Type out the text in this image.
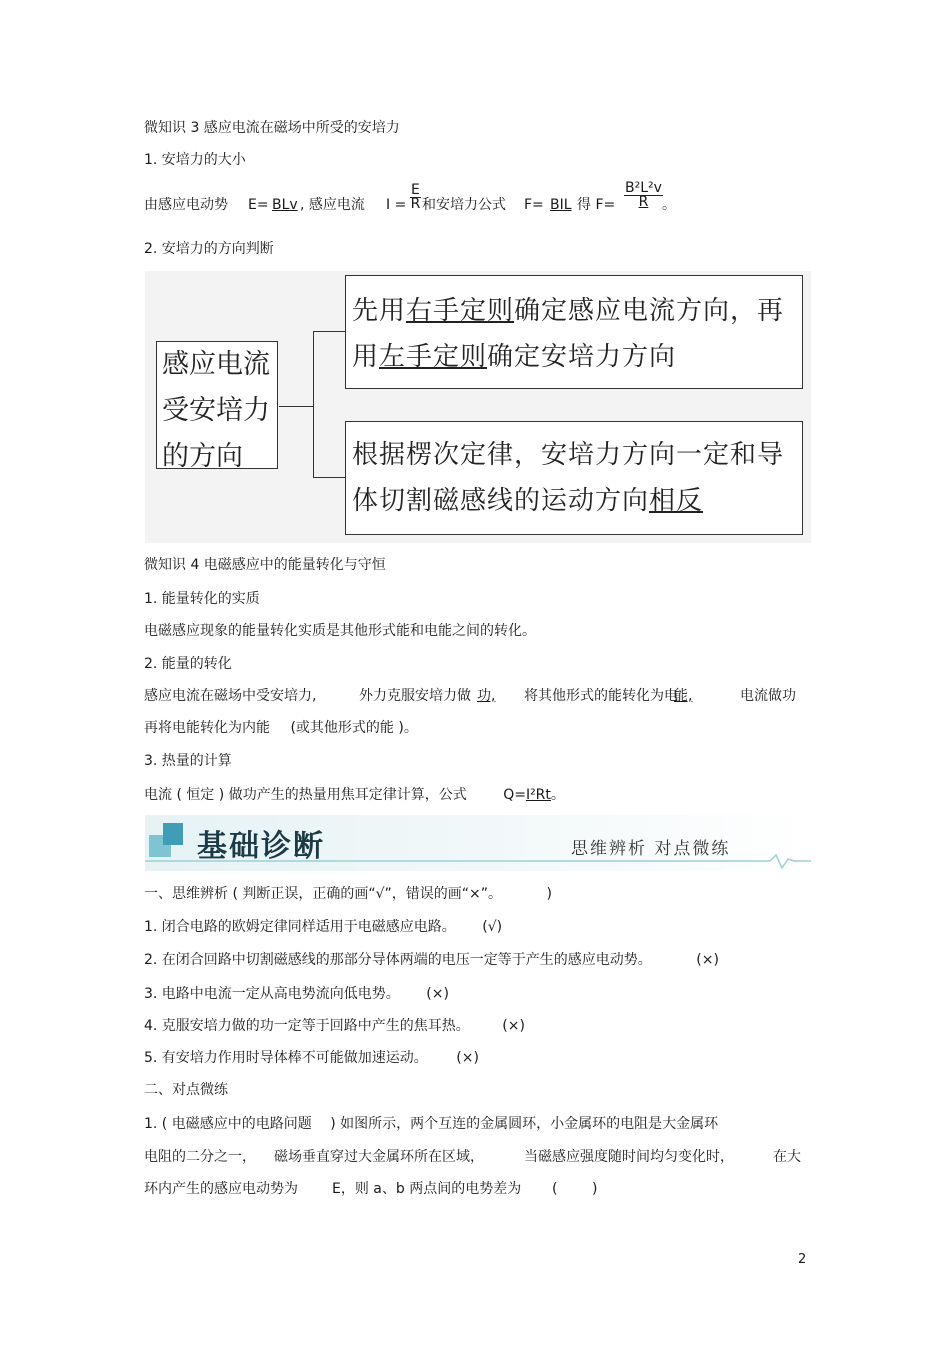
微知识 3 感应电流在磁场中所受的安培力
1. 安培力的大小
由感应电动势 E= BLv , 感应电流 $I = \frac{E}{R}$ 和安培力公式 F= BIL 得 $F= \frac{\text{B²L²v}}{R}$ 。
2. 安培力的方向判断
感应电流
受安培力
的方向
先用右手定则确定感应电流方向，再
用左手定则确定安培力方向
根据楞次定律，安培力方向一定和导
体切割磁感线的运动方向相反
微知识 4 电磁感应中的能量转化与守恒
1. 能量转化的实质
电磁感应现象的能量转化实质是其他形式能和电能之间的转化。
2. 能量的转化
感应电流在磁场中受安培力,	外力克服安培力做 功, 将其他形式的能转化为电
能,	电流做功
再将电能转化为内能 (或其他形式的能 )。
3. 热量的计算
电流 ( 恒定 ) 做功产生的热量用焦耳定律计算，公式	Q=I²Rt。
基础诊断	思维辨析 对点微练
一、思维辨析 ( 判断正误，正确的画“√”，错误的画“×”。	)
1. 闭合电路的欧姆定律同样适用于电磁感应电路。 (√)
2. 在闭合回路中切割磁感线的那部分导体两端的电压一定等于产生的感应电动势。	(×)
3. 电路中电流一定从高电势流向低电势。 (×)
4. 克服安培力做的功一定等于回路中产生的焦耳热。 (×)
5. 有安培力作用时导体棒不可能做加速运动。 (×)
二、对点微练
1. ( 电磁感应中的电路问题 ) 如图所示，两个互连的金属圆环，小金属环的电阻是大金属环
电阻的二分之一， 磁场垂直穿过大金属环所在区域，	当磁感应强度随时间均匀变化时，	在大
环内产生的感应电动势为 E，则 a、b 两点间的电势差为 ( )
2
